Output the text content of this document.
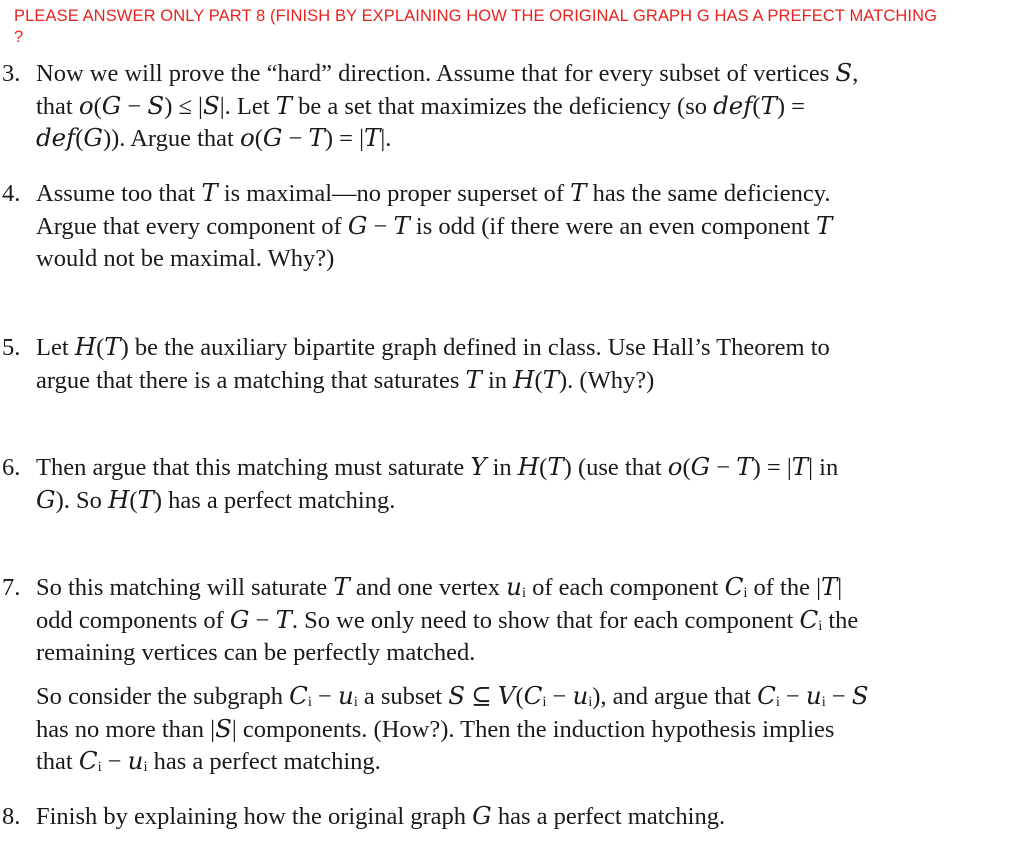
PLEASE ANSWER ONLY PART 8 (FINISH BY EXPLAINING HOW THE ORIGINAL GRAPH G HAS A PREFECT MATCHING
?
3. Now we will prove the “hard” direction. Assume that for every subset of vertices 𝑆,
that 𝑜(𝐺 − 𝑆) ≤ |𝑆|. Let 𝑇 be a set that maximizes the deficiency (so 𝑑𝑒𝑓(𝑇) =
𝑑𝑒𝑓(𝐺)). Argue that 𝑜(𝐺 − 𝑇) = |𝑇|.
4. Assume too that 𝑇 is maximal—no proper superset of 𝑇 has the same deficiency.
Argue that every component of 𝐺 − 𝑇 is odd (if there were an even component 𝑇
would not be maximal. Why?)
5. Let 𝐻(𝑇) be the auxiliary bipartite graph defined in class. Use Hall’s Theorem to
argue that there is a matching that saturates 𝑇 in 𝐻(𝑇). (Why?)
6. Then argue that this matching must saturate 𝑌 in 𝐻(𝑇) (use that 𝑜(𝐺 − 𝑇) = |𝑇| in
𝐺). So 𝐻(𝑇) has a perfect matching.
7. So this matching will saturate 𝑇 and one vertex 𝑢ᵢ of each component 𝐶ᵢ of the |𝑇|
odd components of 𝐺 − 𝑇. So we only need to show that for each component 𝐶ᵢ the
remaining vertices can be perfectly matched.
So consider the subgraph 𝐶ᵢ − 𝑢ᵢ a subset 𝑆 ⊆ 𝑉(𝐶ᵢ − 𝑢ᵢ), and argue that 𝐶ᵢ − 𝑢ᵢ − 𝑆
has no more than |𝑆| components. (How?). Then the induction hypothesis implies
that 𝐶ᵢ − 𝑢ᵢ has a perfect matching.
8. Finish by explaining how the original graph 𝐺 has a perfect matching.
